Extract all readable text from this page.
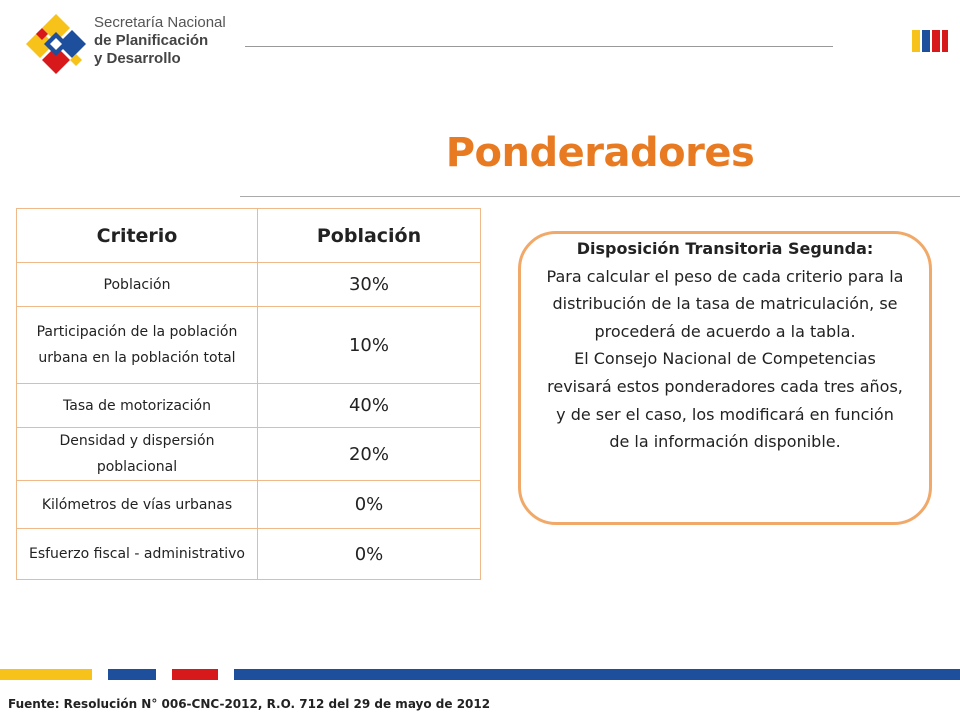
Secretaría Nacional
de Planificación
y Desarrollo
Ponderadores
Criterio	Población
Población	30%
Participación de la población urbana en la población total	10%
Tasa de motorización	40%
Densidad y dispersión poblacional	20%
Kilómetros de vías urbanas	0%
Esfuerzo fiscal - administrativo	0%
Disposición Transitoria Segunda:
Para calcular el peso de cada criterio para la distribución de la tasa de matriculación, se procederá de acuerdo a la tabla.
El Consejo Nacional de Competencias revisará estos ponderadores cada tres años, y de ser el caso, los modificará en función de la información disponible.
Fuente: Resolución N° 006-CNC-2012, R.O. 712 del 29 de mayo de 2012
